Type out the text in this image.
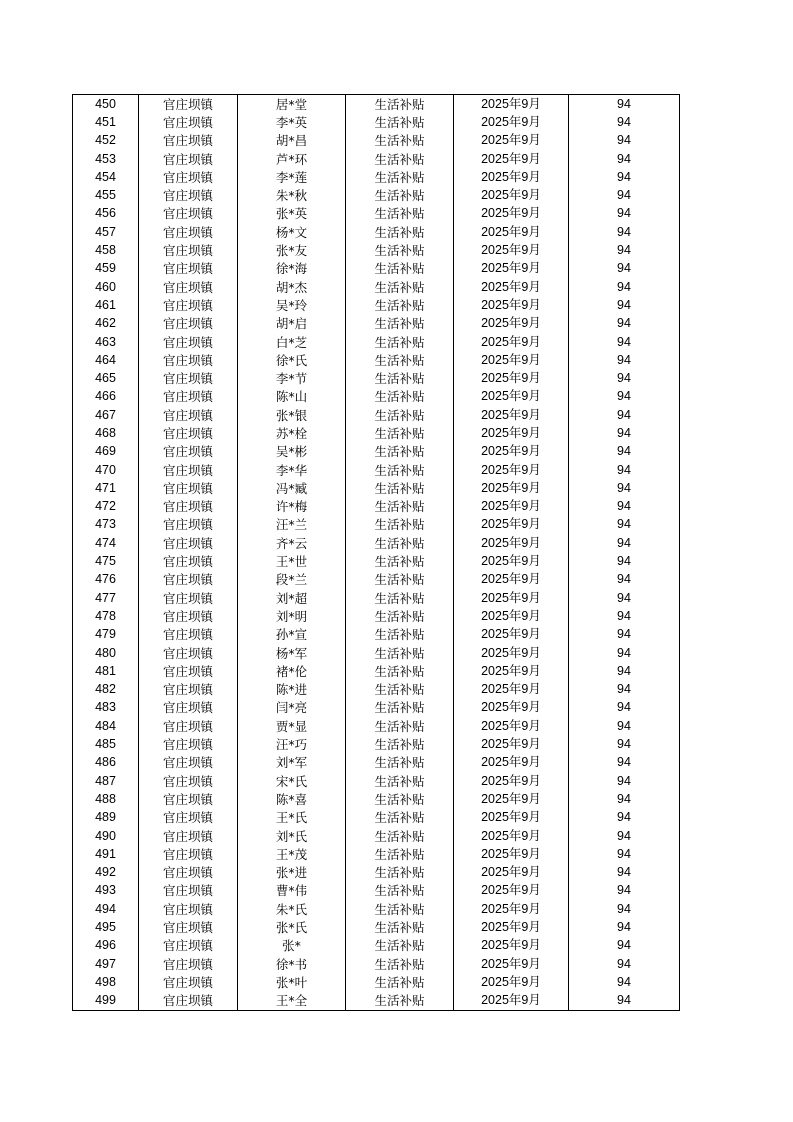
450	官庄坝镇	居*堂	生活补贴	2025年9月	94
451	官庄坝镇	李*英	生活补贴	2025年9月	94
452	官庄坝镇	胡*昌	生活补贴	2025年9月	94
453	官庄坝镇	芦*环	生活补贴	2025年9月	94
454	官庄坝镇	李*莲	生活补贴	2025年9月	94
455	官庄坝镇	朱*秋	生活补贴	2025年9月	94
456	官庄坝镇	张*英	生活补贴	2025年9月	94
457	官庄坝镇	杨*文	生活补贴	2025年9月	94
458	官庄坝镇	张*友	生活补贴	2025年9月	94
459	官庄坝镇	徐*海	生活补贴	2025年9月	94
460	官庄坝镇	胡*杰	生活补贴	2025年9月	94
461	官庄坝镇	吴*玲	生活补贴	2025年9月	94
462	官庄坝镇	胡*启	生活补贴	2025年9月	94
463	官庄坝镇	白*芝	生活补贴	2025年9月	94
464	官庄坝镇	徐*氏	生活补贴	2025年9月	94
465	官庄坝镇	李*节	生活补贴	2025年9月	94
466	官庄坝镇	陈*山	生活补贴	2025年9月	94
467	官庄坝镇	张*银	生活补贴	2025年9月	94
468	官庄坝镇	苏*栓	生活补贴	2025年9月	94
469	官庄坝镇	吴*彬	生活补贴	2025年9月	94
470	官庄坝镇	李*华	生活补贴	2025年9月	94
471	官庄坝镇	冯*臧	生活补贴	2025年9月	94
472	官庄坝镇	许*梅	生活补贴	2025年9月	94
473	官庄坝镇	汪*兰	生活补贴	2025年9月	94
474	官庄坝镇	齐*云	生活补贴	2025年9月	94
475	官庄坝镇	王*世	生活补贴	2025年9月	94
476	官庄坝镇	段*兰	生活补贴	2025年9月	94
477	官庄坝镇	刘*超	生活补贴	2025年9月	94
478	官庄坝镇	刘*明	生活补贴	2025年9月	94
479	官庄坝镇	孙*宣	生活补贴	2025年9月	94
480	官庄坝镇	杨*军	生活补贴	2025年9月	94
481	官庄坝镇	褚*伦	生活补贴	2025年9月	94
482	官庄坝镇	陈*进	生活补贴	2025年9月	94
483	官庄坝镇	闫*亮	生活补贴	2025年9月	94
484	官庄坝镇	贾*显	生活补贴	2025年9月	94
485	官庄坝镇	汪*巧	生活补贴	2025年9月	94
486	官庄坝镇	刘*军	生活补贴	2025年9月	94
487	官庄坝镇	宋*氏	生活补贴	2025年9月	94
488	官庄坝镇	陈*喜	生活补贴	2025年9月	94
489	官庄坝镇	王*氏	生活补贴	2025年9月	94
490	官庄坝镇	刘*氏	生活补贴	2025年9月	94
491	官庄坝镇	王*茂	生活补贴	2025年9月	94
492	官庄坝镇	张*进	生活补贴	2025年9月	94
493	官庄坝镇	曹*伟	生活补贴	2025年9月	94
494	官庄坝镇	朱*氏	生活补贴	2025年9月	94
495	官庄坝镇	张*氏	生活补贴	2025年9月	94
496	官庄坝镇	张*	生活补贴	2025年9月	94
497	官庄坝镇	徐*书	生活补贴	2025年9月	94
498	官庄坝镇	张*叶	生活补贴	2025年9月	94
499	官庄坝镇	王*全	生活补贴	2025年9月	94
